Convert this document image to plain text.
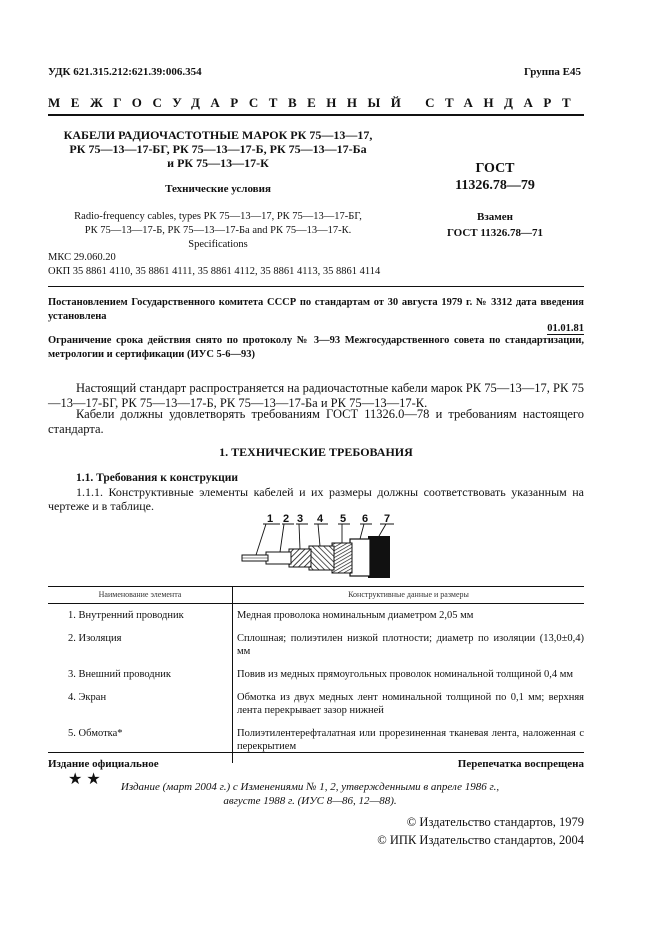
УДК 621.315.212:621.39:006.354	Группа Е45
МЕЖГОСУДАРСТВЕННЫЙ СТАНДАРТ
КАБЕЛИ РАДИОЧАСТОТНЫЕ МАРОК РК 75—13—17,
РК 75—13—17-БГ, РК 75—13—17-Б, РК 75—13—17-Ба
и РК 75—13—17-К
Технические условия
Radio-frequency cables, types РК 75—13—17, РК 75—13—17-БГ,
РК 75—13—17-Б, РК 75—13—17-Ба and РК 75—13—17-К.
Specifications
ГОСТ
11326.78—79
Взамен
ГОСТ 11326.78—71
МКС 29.060.20
ОКП 35 8861 4110, 35 8861 4111, 35 8861 4112, 35 8861 4113, 35 8861 4114
Постановлением Государственного комитета СССР по стандартам от 30 августа 1979 г. № 3312 дата введения установлена
01.01.81
Ограничение срока действия снято по протоколу № 3—93 Межгосударственного совета по стандартизации, метрологии и сертификации (ИУС 5-6—93)
Настоящий стандарт распространяется на радиочастотные кабели марок РК 75—13—17, РК 75—13—17-БГ, РК 75—13—17-Б, РК 75—13—17-Ба и РК 75—13—17-К.
Кабели должны удовлетворять требованиям ГОСТ 11326.0—78 и требованиям настоящего стандарта.
1. ТЕХНИЧЕСКИЕ ТРЕБОВАНИЯ
1.1. Требования к конструкции
1.1.1. Конструктивные элементы кабелей и их размеры должны соответствовать указанным на чертеже и в таблице.
1 2 3 4 5 6 7
Наименование элемента	Конструктивные данные и размеры
1. Внутренний проводник	Медная проволока номинальным диаметром 2,05 мм
2. Изоляция	Сплошная; полиэтилен низкой плотности; диаметр по изоляции (13,0±0,4) мм
3. Внешний проводник	Повив из медных прямоугольных проволок номинальной толщиной 0,4 мм
4. Экран	Обмотка из двух медных лент номинальной толщиной по 0,1 мм; верхняя лента перекрывает зазор нижней
5. Обмотка*	Полиэтилентерефталатная или прорезиненная тканевая лента, наложенная с перекрытием
Издание официальное	Перепечатка воспрещена
★ ★	Издание (март 2004 г.) с Изменениями № 1, 2, утвержденными в апреле 1986 г.,
августе 1988 г. (ИУС 8—86, 12—88).
© Издательство стандартов, 1979
© ИПК Издательство стандартов, 2004
